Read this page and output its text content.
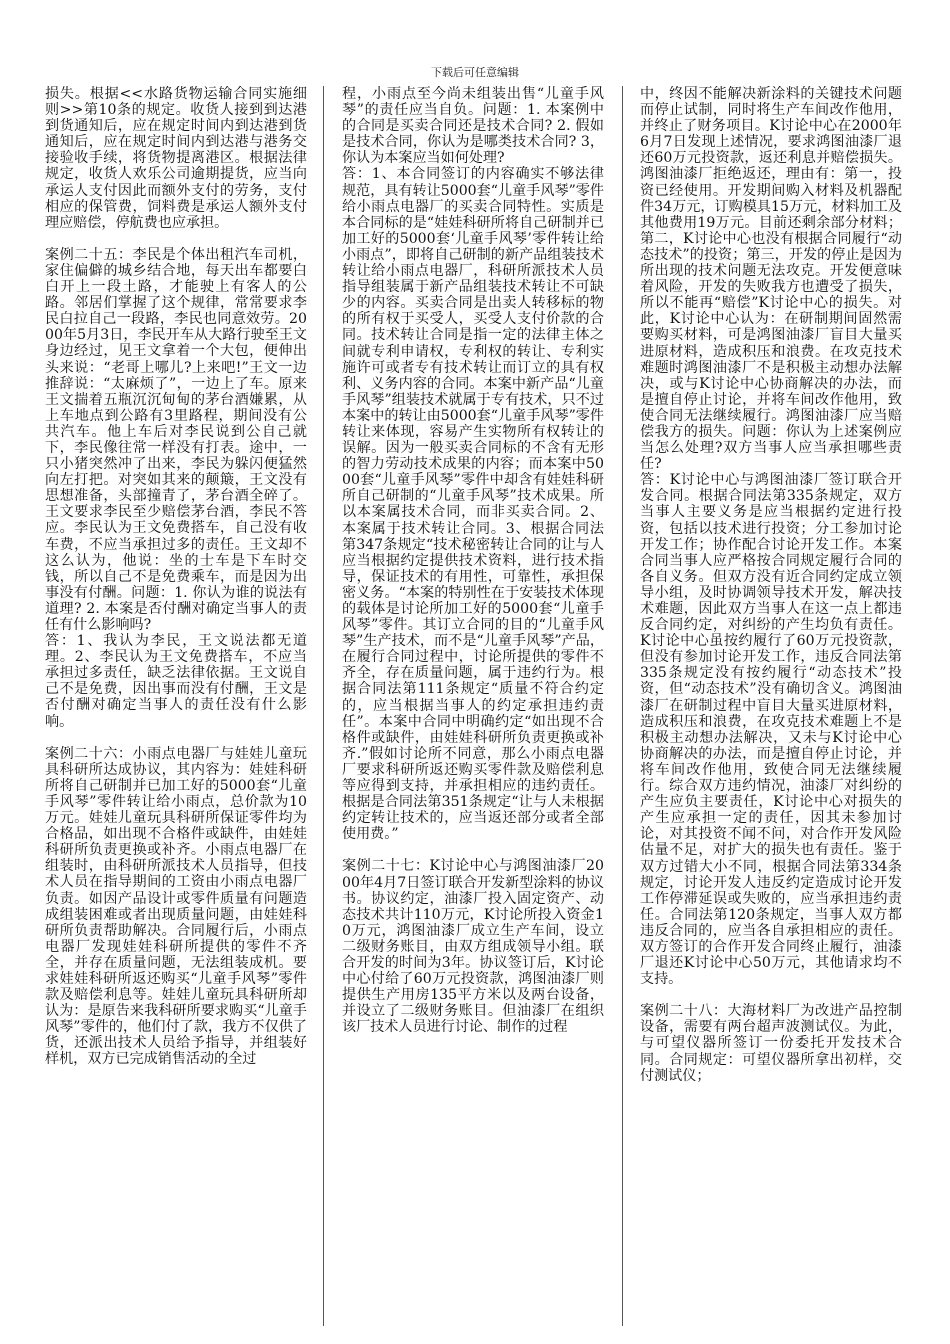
下载后可任意编辑

损失。根据<<水路货物运输合同实施细则>>第10条的规定。收货人接到到达港到货通知后，应在规定时间内到达港到货通知后，应在规定时间内到达港与港务交接验收手续，将货物提离港区。根据法律规定，收货人欢乐公司逾期提货，应当向承运人支付因此而额外支付的劳务，支付相应的保管费，饲料费是承运人额外支付理应赔偿，停航费也应承担。

案例二十五：李民是个体出租汽车司机，家住偏僻的城乡结合地，每天出车都要白白开上一段土路，才能驶上有客人的公路。邻居们掌握了这个规律，常常要求李民白拉自己一段路，李民也同意效劳。2000年5月3日，李民开车从大路行驶至王文身边经过，见王文拿着一个大包，便伸出头来说：“老哥上哪儿?上来吧!”王文一边推辞说：“太麻烦了”，一边上了车。原来王文揣着五瓶沉沉甸甸的茅台酒嫌累，从上车地点到公路有3里路程，期间没有公共汽车。他上车后对李民说到公自己就下，李民像往常一样没有打表。途中，一只小猪突然冲了出来，李民为躲闪便猛然向左打把。对突如其来的颠簸，王文没有思想准备，头部撞青了，茅台酒全碎了。王文要求李民至少赔偿茅台酒，李民不答应。李民认为王文免费搭车，自己没有收车费，不应当承担过多的责任。王文却不这么认为，他说：坐的士车是下车时交钱，所以自己不是免费乘车，而是因为出事没有付酬。问题：1. 你认为谁的说法有道理? 2. 本案是否付酬对确定当事人的责任有什么影响吗?

答：1、我认为李民，王文说法都无道理。2、李民认为王文免费搭车，不应当承担过多责任，缺乏法律依据。王文说自己不是免费，因出事而没有付酬，王文是否付酬对确定当事人的责任没有什么影响。

案例二十六：小雨点电器厂与娃娃儿童玩具科研所达成协议，其内容为：娃娃科研所将自己研制并已加工好的5000套“儿童手风琴”零件转让给小雨点，总价款为10万元。娃娃儿童玩具科研所保证零件均为合格品，如出现不合格件或缺件，由娃娃科研所负责更换或补齐。小雨点电器厂在组装时，由科研所派技术人员指导，但技术人员在指导期间的工资由小雨点电器厂负责。如因产品设计或零件质量有问题造成组装困难或者出现质量问题，由娃娃科研所负责帮助解决。合同履行后，小雨点电器厂发现娃娃科研所提供的零件不齐全，并存在质量问题，无法组装成机。要求娃娃科研所返还购买“儿童手风琴”零件款及赔偿利息等。娃娃儿童玩具科研所却认为：是原告来我科研所要求购买“儿童手风琴”零件的，他们付了款，我方不仅供了货，还派出技术人员给予指导，并组装好样机，双方已完成销售活动的全过

程，小雨点至今尚未组装出售“儿童手风琴”的责任应当自负。问题：1. 本案例中的合同是买卖合同还是技术合同? 2. 假如是技术合同，你认为是哪类技术合同? 3，你认为本案应当如何处理?

答：1、本合同签订的内容确实不够法律规范，具有转让5000套“儿童手风琴”零件给小雨点电器厂的买卖合同特性。实质是本合同标的是“娃娃科研所将自己研制并已加工好的5000套‘儿童手风琴’零件转让给小雨点”，即将自己研制的新产品组装技术转让给小雨点电器厂，科研所派技术人员指导组装属于新产品组装技术转让不可缺少的内容。买卖合同是出卖人转移标的物的所有权于买受人，买受人支付价款的合同。技术转让合同是指一定的法律主体之间就专利申请权，专利权的转让、专利实施许可或者专有技术转让而订立的具有权利、义务内容的合同。本案中新产品“儿童手风琴”组装技术就属于专有技术，只不过本案中的转让由5000套“儿童手风琴”零件转让来体现，容易产生实物所有权转让的误解。因为一般买卖合同标的不含有无形的智力劳动技术成果的内容；而本案中5000套“儿童手风琴”零件中却含有娃娃科研所自己研制的“儿童手风琴”技术成果。所以本案属技术合同，而非买卖合同。2、本案属于技术转让合同。3、根据合同法第347条规定“技术秘密转让合同的让与人应当根据约定提供技术资料，进行技术指导，保证技术的有用性，可靠性，承担保密义务。“本案的特别性在于安装技术体现的载体是讨论所加工好的5000套“儿童手风琴”零件。其订立合同的目的“儿童手风琴”生产技术，而不是“儿童手风琴”产品，在履行合同过程中，讨论所提供的零件不齐全，存在质量问题，属于违约行为。根据合同法第111条规定“质量不符合约定的，应当根据当事人的约定承担违约责任”。本案中合同中明确约定“如出现不合格件或缺件，由娃娃科研所负责更换或补齐.”假如讨论所不同意，那么小雨点电器厂要求科研所返还购买零件款及赔偿利息等应得到支持，并承担相应的违约责任。根据是合同法第351条规定“让与人未根据约定转让技术的，应当返还部分或者全部使用费。”

案例二十七：K讨论中心与鸿图油漆厂2000年4月7日签订联合开发新型涂料的协议书。协议约定，油漆厂投入固定资产、动态技术共计110万元，K讨论所投入资金10万元，鸿图油漆厂成立生产车间，设立二级财务账目，由双方组成领导小组。联合开发的时间为3年。协议签订后，K讨论中心付给了60万元投资款，鸿图油漆厂则提供生产用房135平方米以及两台设备，并设立了二级财务账目。但油漆厂在组织该厂技术人员进行讨论、制作的过程

中，终因不能解决新涂料的关键技术问题而停止试制，同时将生产车间改作他用，并终止了财务项目。K讨论中心在2000年6月7日发现上述情况，要求鸿图油漆厂退还60万元投资款，返还利息并赔偿损失。鸿图油漆厂拒绝返还，理由有：第一，投资已经使用。开发期间购入材料及机器配件34万元，订购模具15万元，材料加工及其他费用19万元。目前还剩余部分材料；第二，K讨论中心也没有根据合同履行“动态技术”的投资；第三，开发的停止是因为所出现的技术问题无法攻克。开发便意味着风险，开发的失败我方也遭受了损失，所以不能再“赔偿”K讨论中心的损失。对此，K讨论中心认为：在研制期间固然需要购买材料，可是鸿图油漆厂盲目大量买进原材料，造成积压和浪费。在攻克技术难题时鸿图油漆厂不是积极主动想办法解决，或与K讨论中心协商解决的办法，而是擅自停止讨论，并将车间改作他用，致使合同无法继续履行。鸿图油漆厂应当赔偿我方的损失。问题：你认为上述案例应当怎么处理?双方当事人应当承担哪些责任?

答：K讨论中心与鸿图油漆厂签订联合开发合同。根据合同法第335条规定，双方当事人主要义务是应当根据约定进行投资，包括以技术进行投资；分工参加讨论开发工作；协作配合讨论开发工作。本案合同当事人应严格按合同规定履行合同的各自义务。但双方没有近合同约定成立领导小组，及时协调领导技术开发，解决技术难题，因此双方当事人在这一点上都违反合同约定，对纠纷的产生均负有责任。K讨论中心虽按约履行了60万元投资款，但没有参加讨论开发工作，违反合同法第335条规定没有按约履行“动态技术”投资，但“动态技术”没有确切含义。鸿图油漆厂在研制过程中盲目大量买进原材料，造成积压和浪费，在攻克技术难题上不是积极主动想办法解决，又未与K讨论中心协商解决的办法，而是擅自停止讨论，并将车间改作他用，致使合同无法继续履行。综合双方违约情况，油漆厂对纠纷的产生应负主要责任，K讨论中心对损失的产生应承担一定的责任，因其未参加讨论，对其投资不闻不问，对合作开发风险估量不足，对扩大的损失也有责任。鉴于双方过错大小不同，根据合同法第334条规定，讨论开发人违反约定造成讨论开发工作停滞延误或失败的，应当承担违约责任。合同法第120条规定，当事人双方都违反合同的，应当各自承担相应的责任。双方签订的合作开发合同终止履行，油漆厂退还K讨论中心50万元，其他请求均不支持。

案例二十八：大海材料厂为改进产品控制设备，需要有两台超声波测试仪。为此，与可望仪器所签订一份委托开发技术合同。合同规定：可望仪器所拿出初样，交付测试仪；
